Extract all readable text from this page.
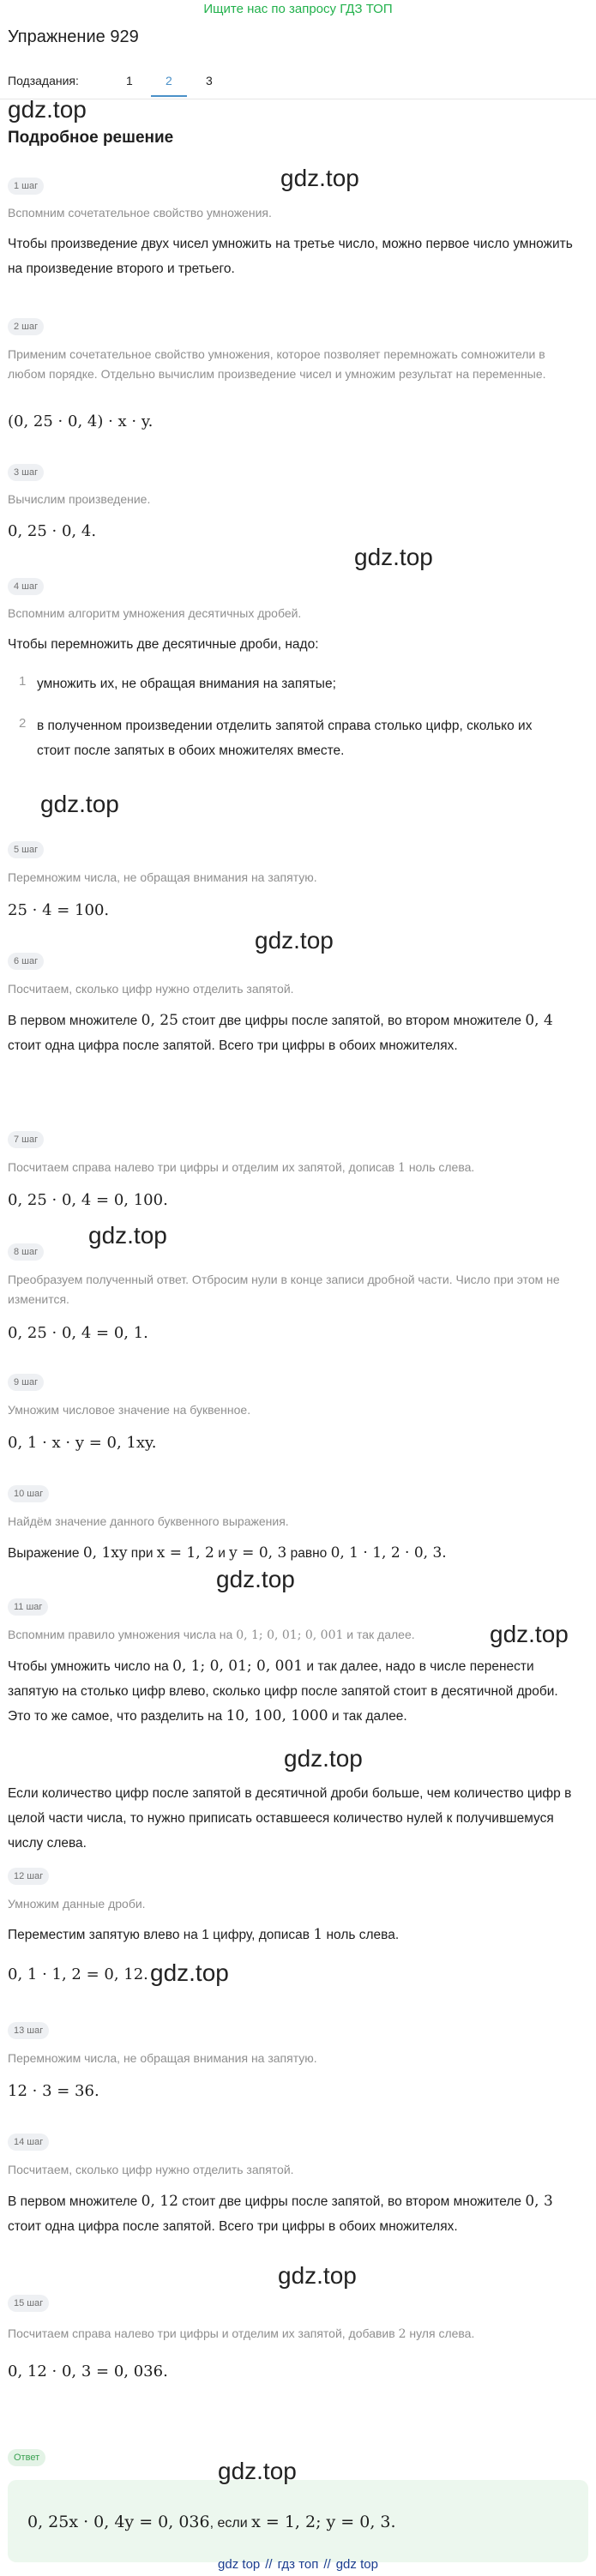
Ищите нас по запросу ГДЗ ТОП
Упражнение 929
Подзадания:	1	2	3
gdz.top
Подробное решение
1 шаг	gdz.top
Вспомним сочетательное свойство умножения.
Чтобы произведение двух чисел умножить на третье число, можно первое число умножить на произведение второго и третьего.
2 шаг
Применим сочетательное свойство умножения, которое позволяет перемножать сомножители в любом порядке. Отдельно вычислим произведение чисел и умножим результат на переменные.
(0, 25 · 0, 4) · x · y.
3 шаг
Вычислим произведение.
0, 25 · 0, 4.
gdz.top
4 шаг
Вспомним алгоритм умножения десятичных дробей.
Чтобы перемножить две десятичные дроби, надо:
1 умножить их, не обращая внимания на запятые;
2 в полученном произведении отделить запятой справа столько цифр, сколько их стоит после запятых в обоих множителях вместе.
gdz.top
5 шаг
Перемножим числа, не обращая внимания на запятую.
25 · 4 = 100.
gdz.top
6 шаг
Посчитаем, сколько цифр нужно отделить запятой.
В первом множителе 0, 25 стоит две цифры после запятой, во втором множителе 0, 4 стоит одна цифра после запятой. Всего три цифры в обоих множителях.
7 шаг
Посчитаем справа налево три цифры и отделим их запятой, дописав 1 ноль слева.
0, 25 · 0, 4 = 0, 100.
gdz.top
8 шаг
Преобразуем полученный ответ. Отбросим нули в конце записи дробной части. Число при этом не изменится.
0, 25 · 0, 4 = 0, 1.
9 шаг
Умножим числовое значение на буквенное.
0, 1 · x · y = 0, 1xy.
10 шаг
Найдём значение данного буквенного выражения.
Выражение 0, 1xy при x = 1, 2 и y = 0, 3 равно 0, 1 · 1, 2 · 0, 3.
gdz.top
11 шаг
gdz.top
Вспомним правило умножения числа на 0, 1; 0, 01; 0, 001 и так далее.
Чтобы умножить число на 0, 1; 0, 01; 0, 001 и так далее, надо в числе перенести запятую на столько цифр влево, сколько цифр после запятой стоит в десятичной дроби. Это то же самое, что разделить на 10, 100, 1000 и так далее.
gdz.top
Если количество цифр после запятой в десятичной дроби больше, чем количество цифр в целой части числа, то нужно приписать оставшееся количество нулей к получившемуся числу слева.
12 шаг
Умножим данные дроби.
Переместим запятую влево на 1 цифру, дописав 1 ноль слева.
0, 1 · 1, 2 = 0, 12. gdz.top
13 шаг
Перемножим числа, не обращая внимания на запятую.
12 · 3 = 36.
14 шаг
Посчитаем, сколько цифр нужно отделить запятой.
В первом множителе 0, 12 стоит две цифры после запятой, во втором множителе 0, 3 стоит одна цифра после запятой. Всего три цифры в обоих множителях.
gdz.top
15 шаг
Посчитаем справа налево три цифры и отделим их запятой, добавив 2 нуля слева.
0, 12 · 0, 3 = 0, 036.
Ответ	gdz.top
0, 25x · 0, 4y = 0, 036, если x = 1, 2; y = 0, 3.
gdz top // гдз топ // gdz top
